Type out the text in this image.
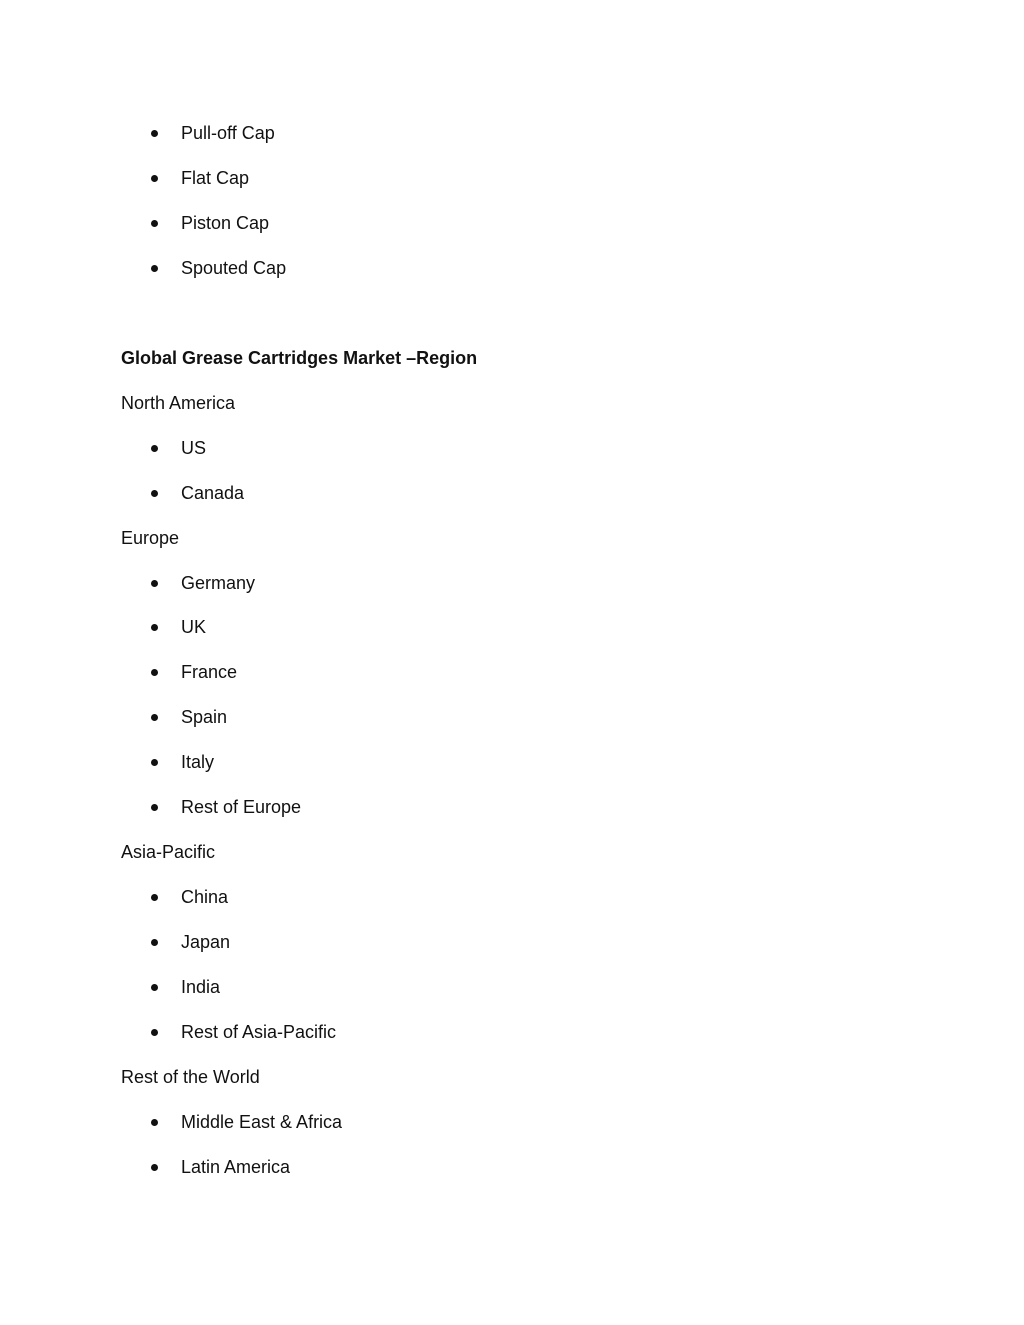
Pull-off Cap
Flat Cap
Piston Cap
Spouted Cap
Global Grease Cartridges Market –Region
North America
US
Canada
Europe
Germany
UK
France
Spain
Italy
Rest of Europe
Asia-Pacific
China
Japan
India
Rest of Asia-Pacific
Rest of the World
Middle East & Africa
Latin America
